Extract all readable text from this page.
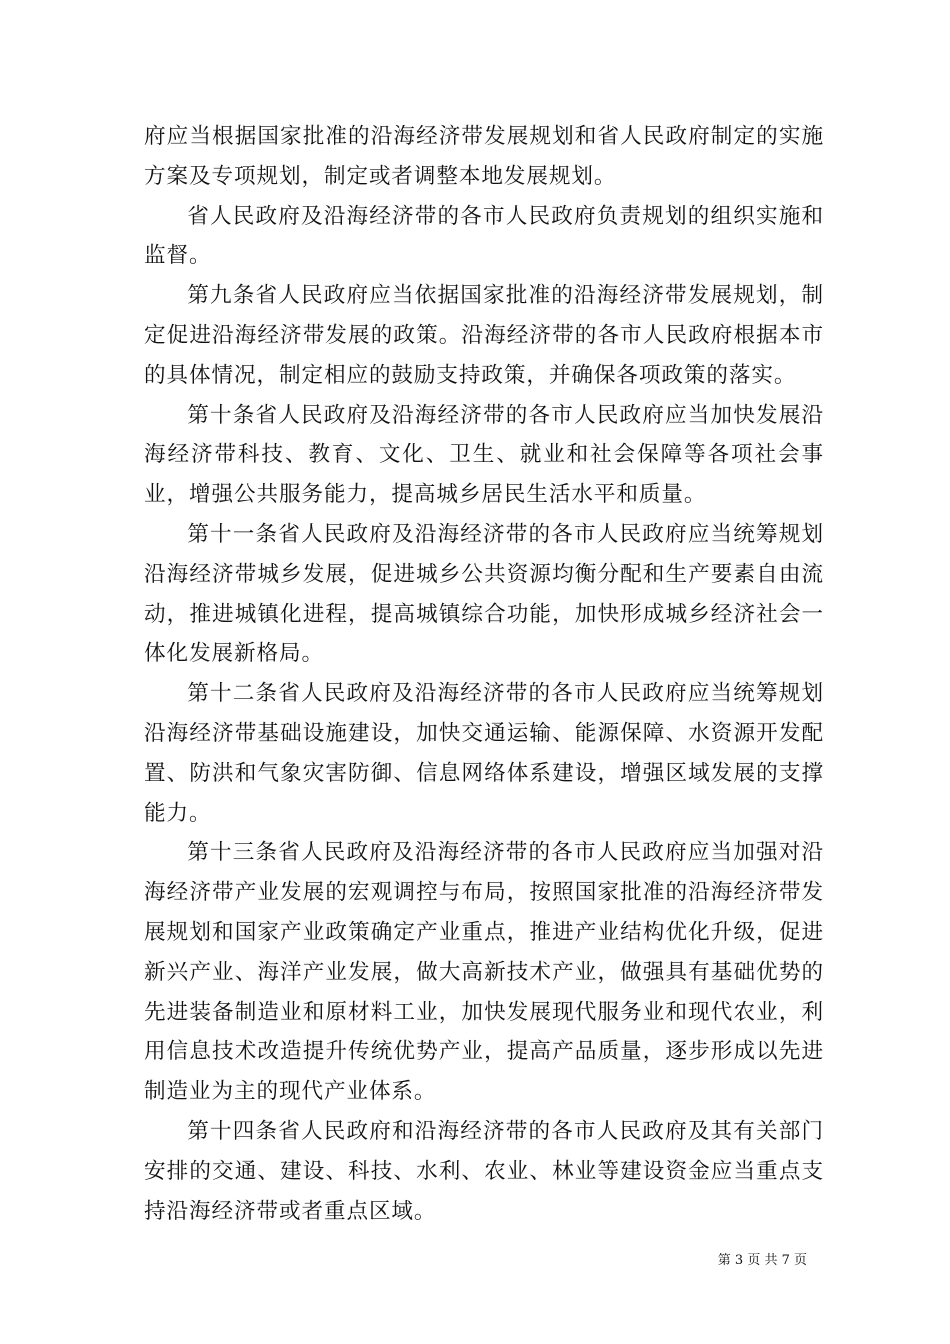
府应当根据国家批准的沿海经济带发展规划和省人民政府制定的实施方案及专项规划，制定或者调整本地发展规划。

省人民政府及沿海经济带的各市人民政府负责规划的组织实施和监督。

第九条省人民政府应当依据国家批准的沿海经济带发展规划，制定促进沿海经济带发展的政策。沿海经济带的各市人民政府根据本市的具体情况，制定相应的鼓励支持政策，并确保各项政策的落实。

第十条省人民政府及沿海经济带的各市人民政府应当加快发展沿海经济带科技、教育、文化、卫生、就业和社会保障等各项社会事业，增强公共服务能力，提高城乡居民生活水平和质量。

第十一条省人民政府及沿海经济带的各市人民政府应当统筹规划沿海经济带城乡发展，促进城乡公共资源均衡分配和生产要素自由流动，推进城镇化进程，提高城镇综合功能，加快形成城乡经济社会一体化发展新格局。

第十二条省人民政府及沿海经济带的各市人民政府应当统筹规划沿海经济带基础设施建设，加快交通运输、能源保障、水资源开发配置、防洪和气象灾害防御、信息网络体系建设，增强区域发展的支撑能力。

第十三条省人民政府及沿海经济带的各市人民政府应当加强对沿海经济带产业发展的宏观调控与布局，按照国家批准的沿海经济带发展规划和国家产业政策确定产业重点，推进产业结构优化升级，促进新兴产业、海洋产业发展，做大高新技术产业，做强具有基础优势的先进装备制造业和原材料工业，加快发展现代服务业和现代农业，利用信息技术改造提升传统优势产业，提高产品质量，逐步形成以先进制造业为主的现代产业体系。

第十四条省人民政府和沿海经济带的各市人民政府及其有关部门安排的交通、建设、科技、水利、农业、林业等建设资金应当重点支持沿海经济带或者重点区域。

第 3 页 共 7 页
